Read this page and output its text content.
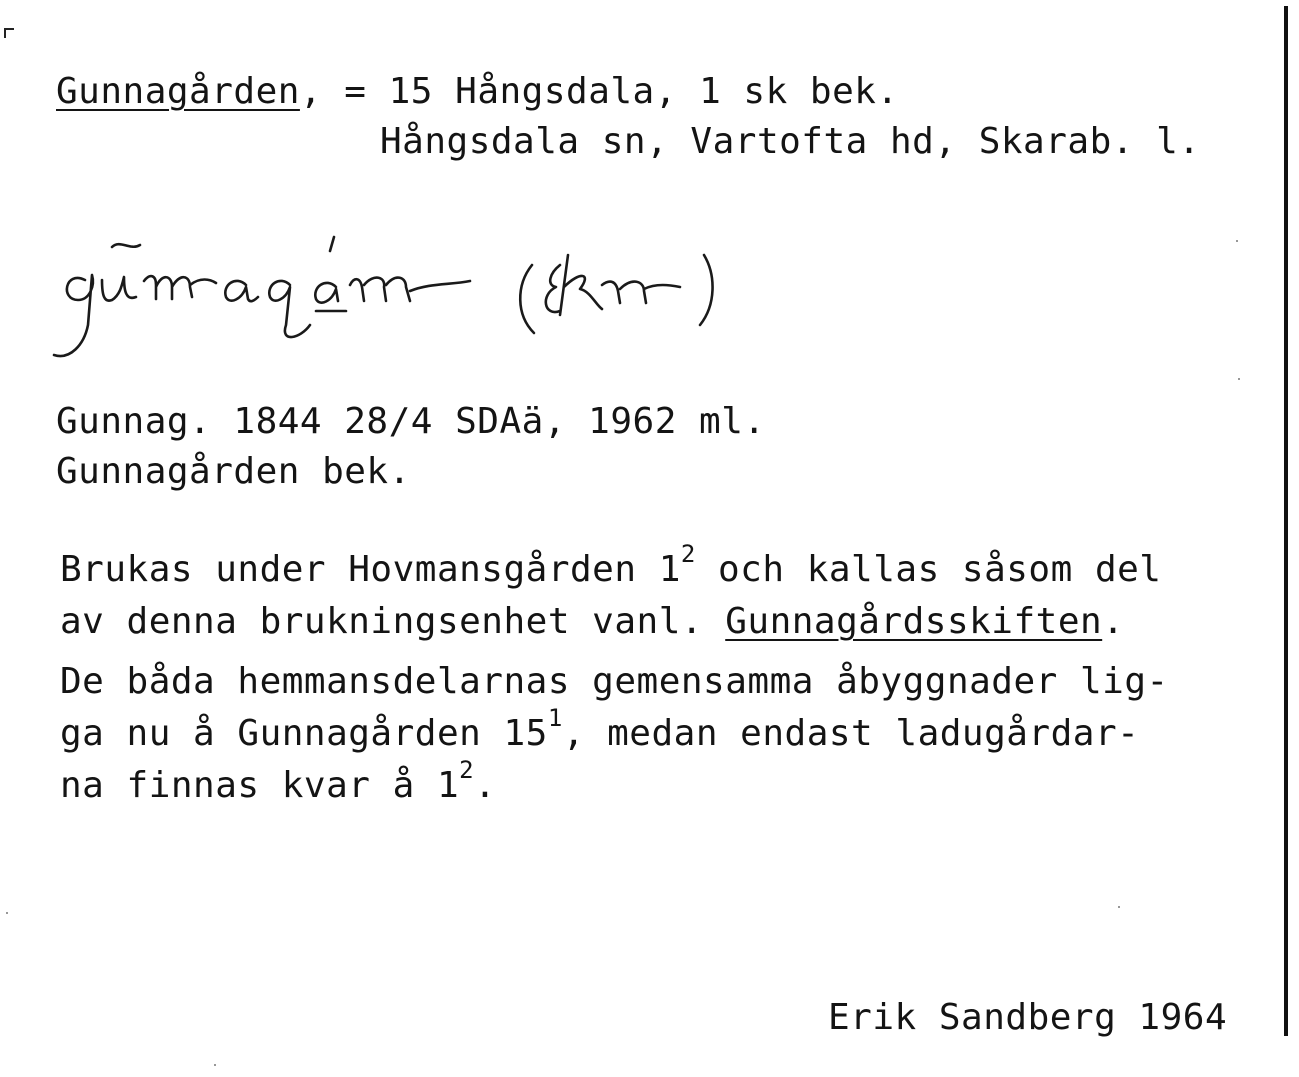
Gunnagården, = 15 Hångsdala, 1 sk bek.
Hångsdala sn, Vartofta hd, Skarab. l.
Gunnag. 1844 28/4 SDAä, 1962 ml.
Gunnagården bek.
Brukas under Hovmansgården $1^2$ och kallas såsom del
av denna brukningsenhet vanl. Gunnagårdsskiften.
De båda hemmansdelarnas gemensamma åbyggnader lig-
ga nu å Gunnagården $15^1$, medan endast ladugårdar-
na finnas kvar å $1^2$.
Erik Sandberg 1964
